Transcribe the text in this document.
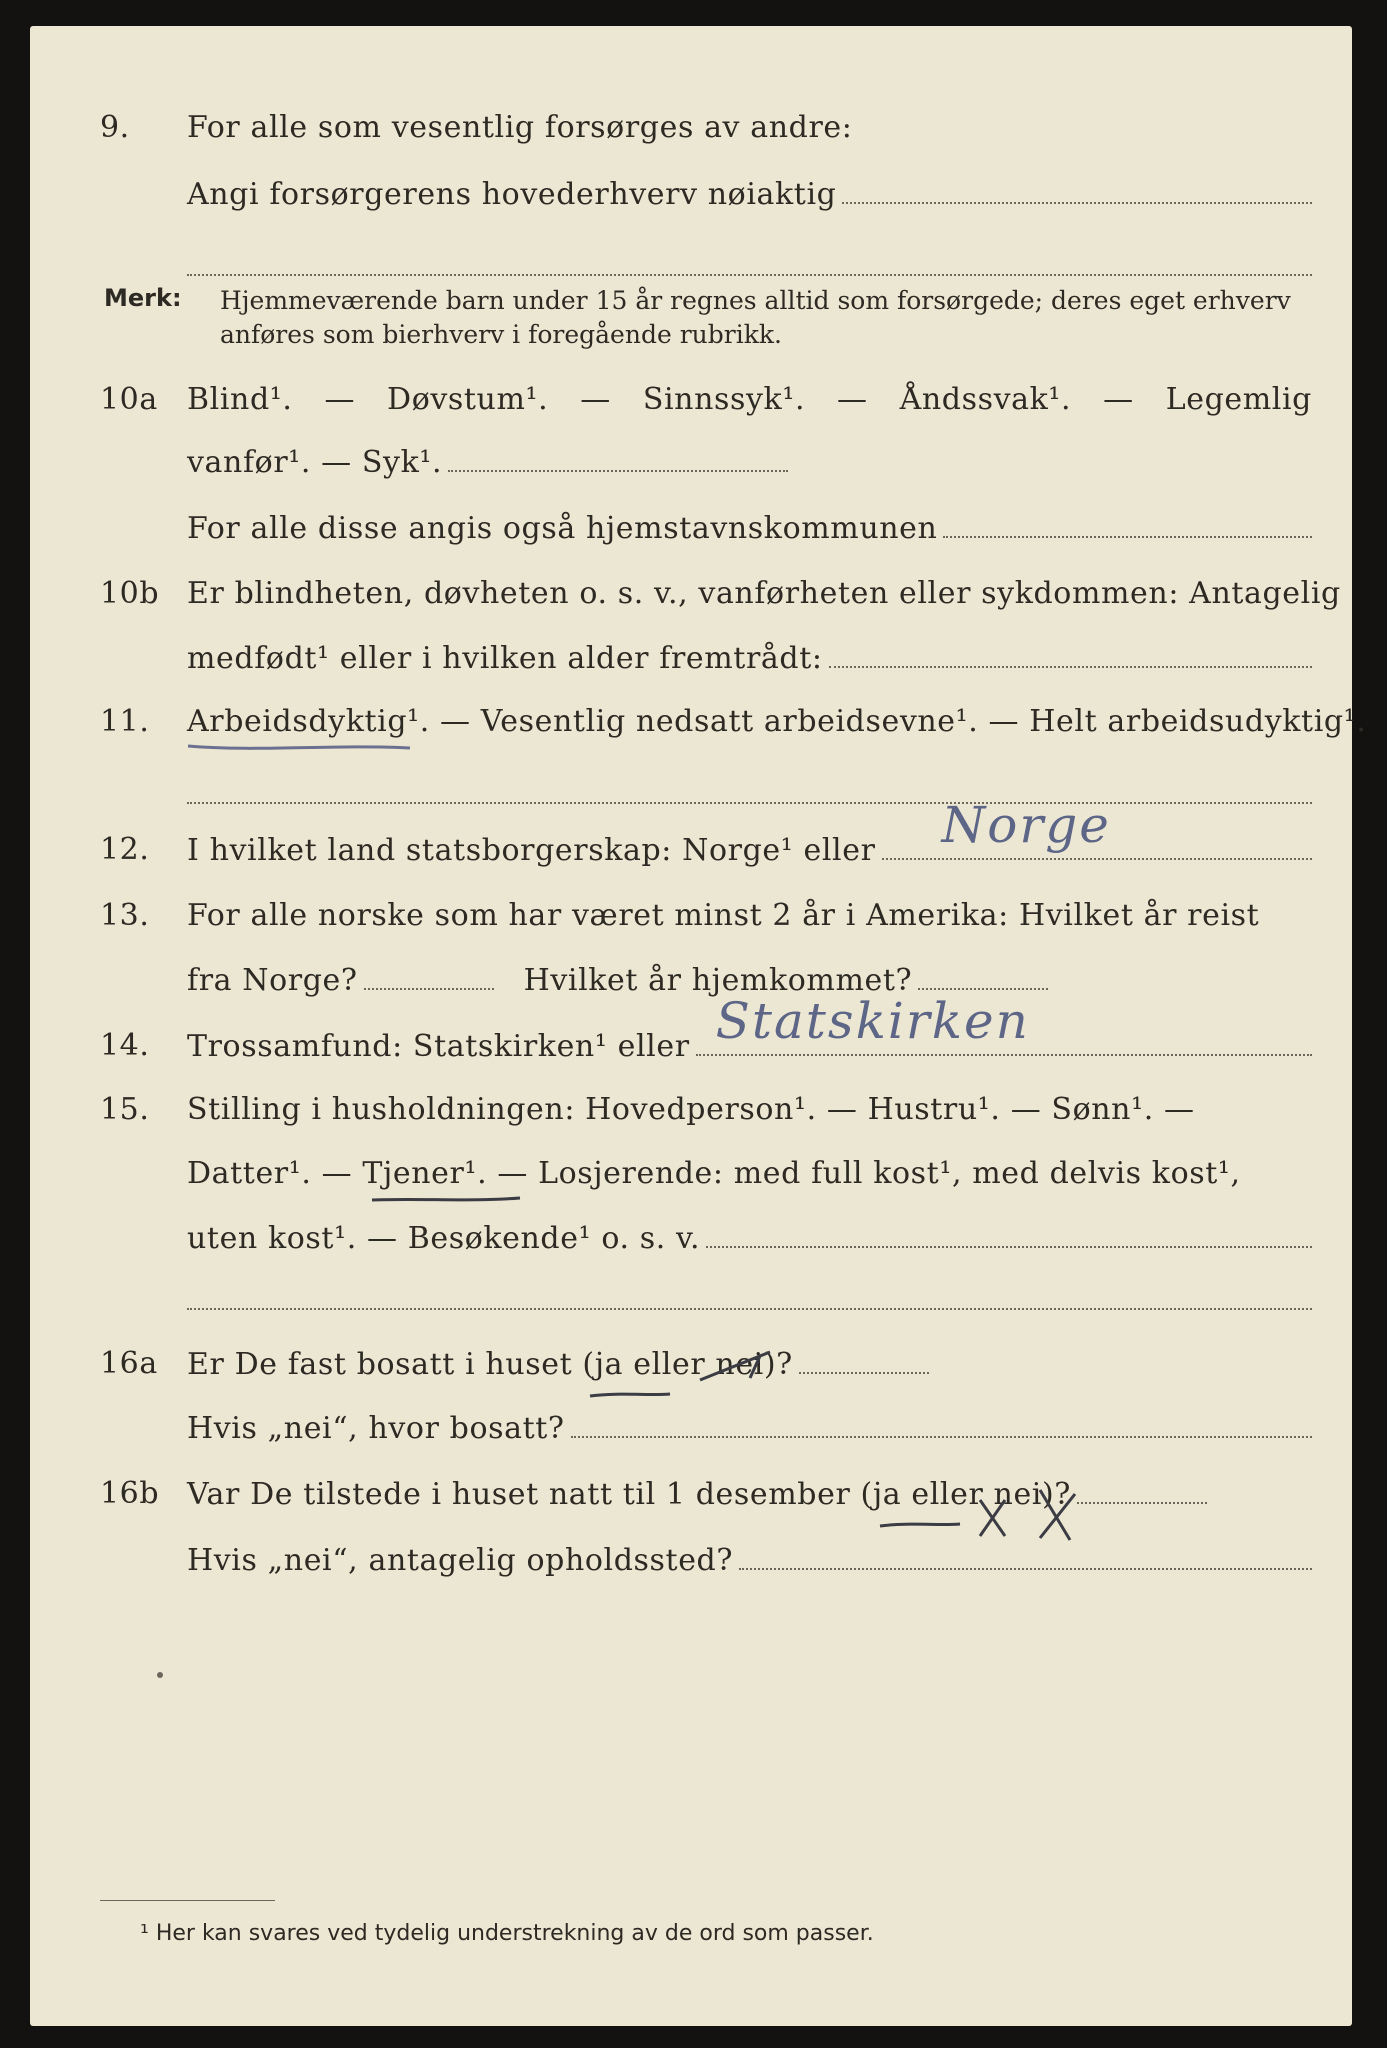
9. For alle som vesentlig forsørges av andre:
Angi forsørgerens hovederhverv nøiaktig
Merk: Hjemmeværende barn under 15 år regnes alltid som forsørgede; deres eget erhverv anføres som bierhverv i foregående rubrikk.
10a Blind¹. — Døvstum¹. — Sinnssyk¹. — Åndssvak¹. — Legemlig
vanfør¹. — Syk¹.
For alle disse angis også hjemstavnskommunen
10b Er blindheten, døvheten o. s. v., vanførheten eller sykdommen: Antagelig
medfødt¹ eller i hvilken alder fremtrådt:
11. Arbeidsdyktig¹. — Vesentlig nedsatt arbeidsevne¹. — Helt arbeidsudyktig¹.
12. I hvilket land statsborgerskap: Norge¹ eller Norge
13. For alle norske som har været minst 2 år i Amerika: Hvilket år reist
fra Norge?	Hvilket år hjemkommet?
14. Trossamfund: Statskirken¹ eller Statskirken
15. Stilling i husholdningen: Hovedperson¹. — Hustru¹. — Sønn¹. —
Datter¹. — Tjener¹. — Losjerende: med full kost¹, med delvis kost¹,
uten kost¹. — Besøkende¹ o. s. v.
16a Er De fast bosatt i huset (ja eller nei)?
Hvis „nei“, hvor bosatt?
16b Var De tilstede i huset natt til 1 desember (ja eller nei)?
Hvis „nei“, antagelig opholdssted?
¹ Her kan svares ved tydelig understrekning av de ord som passer.
